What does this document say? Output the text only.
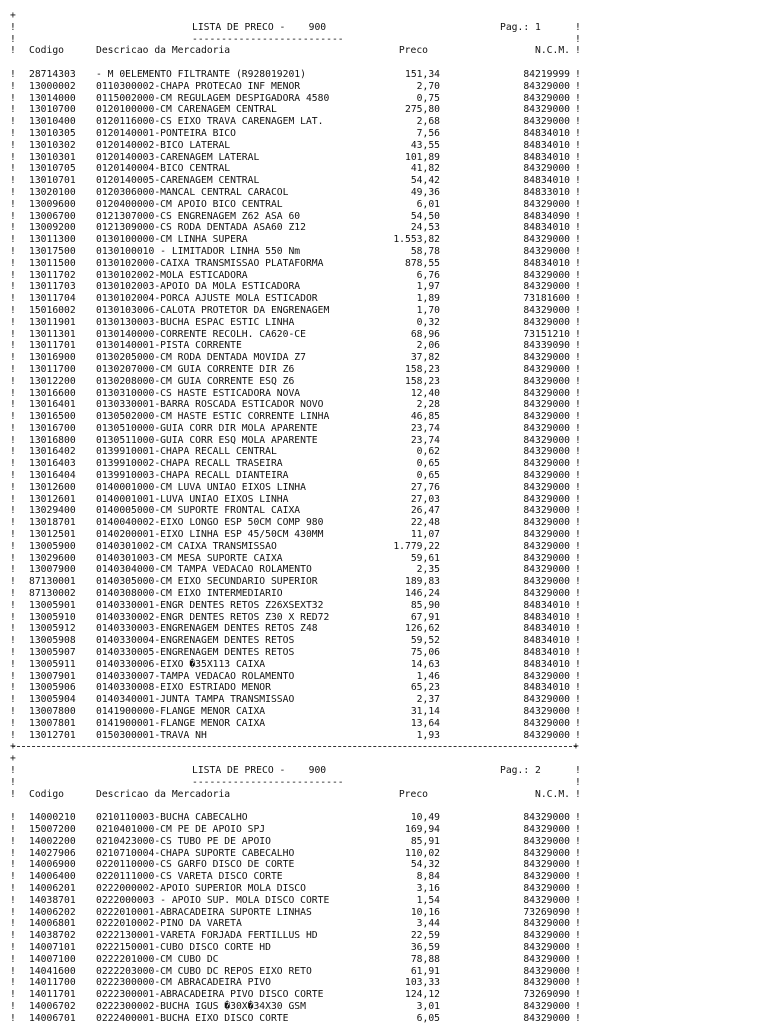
+
!	LISTA DE PRECO -    900	Pag.: 1	!
!	--------------------------	!
! Codigo	Descricao da Mercadoria	Preco	N.C.M. !
! 28714303 - M 0ELEMENTO FILTRANTE (R928019201)	151,34	84219999 !
! 13000002 0110300002-CHAPA PROTECAO INF MENOR	2,70	84329000 !
! 13014000 0115002000-CM REGULAGEM DESPIGADORA 4580	0,75	84329000 !
! 13010700 0120100000-CM CARENAGEM CENTRAL	275,80	84329000 !
! 13010400 0120116000-CS EIXO TRAVA CARENAGEM LAT.	2,68	84329000 !
! 13010305 0120140001-PONTEIRA BICO	7,56	84834010 !
! 13010302 0120140002-BICO LATERAL	43,55	84834010 !
! 13010301 0120140003-CARENAGEM LATERAL	101,89	84834010 !
! 13010705 0120140004-BICO CENTRAL	41,82	84329000 !
! 13010701 0120140005-CARENAGEM CENTRAL	54,42	84834010 !
! 13020100 0120306000-MANCAL CENTRAL CARACOL	49,36	84833010 !
! 13009600 0120400000-CM APOIO BICO CENTRAL	6,01	84329000 !
! 13006700 0121307000-CS ENGRENAGEM Z62 ASA 60	54,50	84834090 !
! 13009200 0121309000-CS RODA DENTADA ASA60 Z12	24,53	84834010 !
! 13011300 0130100000-CM LINHA SUPERA	1.553,82	84329000 !
! 13017500 0130100010 - LIMITADOR LINHA 550 Nm	58,78	84329000 !
! 13011500 0130102000-CAIXA TRANSMISSAO PLATAFORMA	878,55	84834010 !
! 13011702 0130102002-MOLA ESTICADORA	6,76	84329000 !
! 13011703 0130102003-APOIO DA MOLA ESTICADORA	1,97	84329000 !
! 13011704 0130102004-PORCA AJUSTE MOLA ESTICADOR	1,89	73181600 !
! 15016002 0130103006-CALOTA PROTETOR DA ENGRENAGEM	1,70	84329000 !
! 13011901 0130130003-BUCHA ESPAC ESTIC LINHA	0,32	84329000 !
! 13011301 0130140000-CORRENTE RECOLH. CA620-CE	68,96	73151210 !
! 13011701 0130140001-PISTA CORRENTE	2,06	84339090 !
! 13016900 0130205000-CM RODA DENTADA MOVIDA Z7	37,82	84329000 !
! 13011700 0130207000-CM GUIA CORRENTE DIR Z6	158,23	84329000 !
! 13012200 0130208000-CM GUIA CORRENTE ESQ Z6	158,23	84329000 !
! 13016600 0130310000-CS HASTE ESTICADORA NOVA	12,40	84329000 !
! 13016401 0130330001-BARRA ROSCADA ESTICADOR NOVO	2,28	84329000 !
! 13016500 0130502000-CM HASTE ESTIC CORRENTE LINHA	46,85	84329000 !
! 13016700 0130510000-GUIA CORR DIR MOLA APARENTE	23,74	84329000 !
! 13016800 0130511000-GUIA CORR ESQ MOLA APARENTE	23,74	84329000 !
! 13016402 0139910001-CHAPA RECALL CENTRAL	0,62	84329000 !
! 13016403 0139910002-CHAPA RECALL TRASEIRA	0,65	84329000 !
! 13016404 0139910003-CHAPA RECALL DIANTEIRA	0,65	84329000 !
! 13012600 0140001000-CM LUVA UNIAO EIXOS LINHA	27,76	84329000 !
! 13012601 0140001001-LUVA UNIAO EIXOS LINHA	27,03	84329000 !
! 13029400 0140005000-CM SUPORTE FRONTAL CAIXA	26,47	84329000 !
! 13018701 0140040002-EIXO LONGO ESP 50CM COMP 980	22,48	84329000 !
! 13012501 0140200001-EIXO LINHA ESP 45/50CM 430MM	11,07	84329000 !
! 13005900 0140301002-CM CAIXA TRANSMISSAO	1.779,22	84329000 !
! 13029600 0140301003-CM MESA SUPORTE CAIXA	59,61	84329000 !
! 13007900 0140304000-CM TAMPA VEDACAO ROLAMENTO	2,35	84329000 !
! 87130001 0140305000-CM EIXO SECUNDARIO SUPERIOR	189,83	84329000 !
! 87130002 0140308000-CM EIXO INTERMEDIARIO	146,24	84329000 !
! 13005901 0140330001-ENGR DENTES RETOS Z26XSEXT32	85,90	84834010 !
! 13005910 0140330002-ENGR DENTES RETOS Z30 X RED72	67,91	84834010 !
! 13005912 0140330003-ENGRENAGEM DENTES RETOS Z48	126,62	84834010 !
! 13005908 0140330004-ENGRENAGEM DENTES RETOS	59,52	84834010 !
! 13005907 0140330005-ENGRENAGEM DENTES RETOS	75,06	84834010 !
! 13005911 0140330006-EIXO �35X113 CAIXA	14,63	84834010 !
! 13007901 0140330007-TAMPA VEDACAO ROLAMENTO	1,46	84329000 !
! 13005906 0140330008-EIXO ESTRIADO MENOR	65,23	84834010 !
! 13005904 0140340001-JUNTA TAMPA TRANSMISSAO	2,37	84329000 !
! 13007800 0141900000-FLANGE MENOR CAIXA	31,14	84329000 !
! 13007801 0141900001-FLANGE MENOR CAIXA	13,64	84329000 !
! 13012701 0150300001-TRAVA NH	1,93	84329000 !
+	+
+
!	LISTA DE PRECO -    900	Pag.: 2	!
!	--------------------------	!
! Codigo	Descricao da Mercadoria	Preco	N.C.M. !
! 14000210 0210110003-BUCHA CABECALHO	10,49	84329000 !
! 15007200 0210401000-CM PE DE APOIO SPJ	169,94	84329000 !
! 14002200 0210423000-CS TUBO PE DE APOIO	85,91	84329000 !
! 14027906 0210710004-CHAPA SUPORTE CABECALHO	110,02	84329000 !
! 14006900 0220110000-CS GARFO DISCO DE CORTE	54,32	84329000 !
! 14006400 0220111000-CS VARETA DISCO CORTE	8,84	84329000 !
! 14006201 0222000002-APOIO SUPERIOR MOLA DISCO	3,16	84329000 !
! 14038701 0222000003 - APOIO SUP. MOLA DISCO CORTE	1,54	84329000 !
! 14006202 0222010001-ABRACADEIRA SUPORTE LINHAS	10,16	73269090 !
! 14006801 0222010002-PINO DA VARETA	3,44	84329000 !
! 14038702 0222130001-VARETA FORJADA FERTILLUS HD	22,59	84329000 !
! 14007101 0222150001-CUBO DISCO CORTE HD	36,59	84329000 !
! 14007100 0222201000-CM CUBO DC	78,88	84329000 !
! 14041600 0222203000-CM CUBO DC REPOS EIXO RETO	61,91	84329000 !
! 14011700 0222300000-CM ABRACADEIRA PIVO	103,33	84329000 !
! 14011701 0222300001-ABRACADEIRA PIVO DISCO CORTE	124,12	73269090 !
! 14006702 0222300002-BUCHA IGUS �30X�34X30 GSM	3,01	84329000 !
! 14006701 0222400001-BUCHA EIXO DISCO CORTE	6,05	84329000 !
